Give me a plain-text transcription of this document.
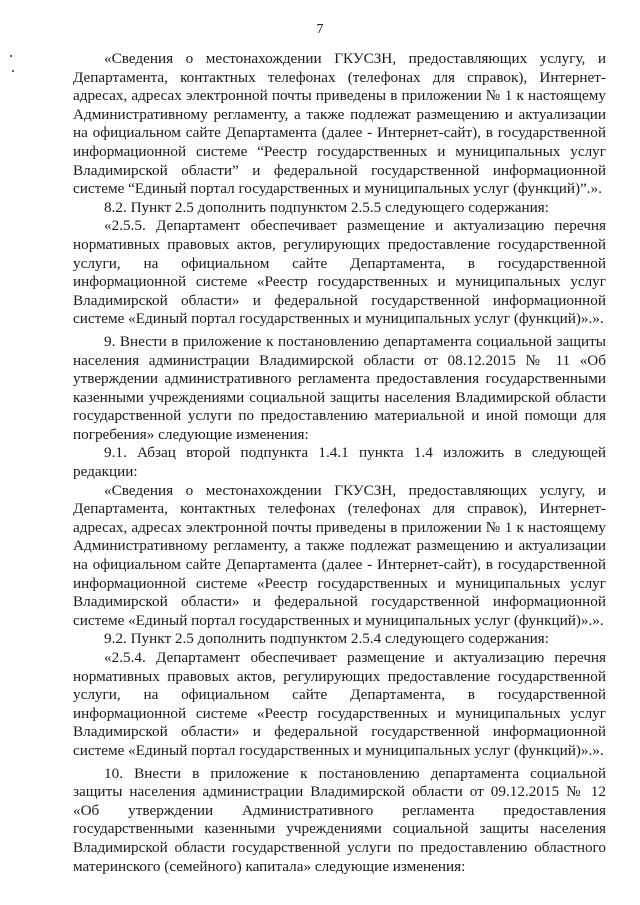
7

«Сведения о местонахождении ГКУСЗН, предоставляющих услугу, и Департамента, контактных телефонах (телефонах для справок), Интернет-адресах, адресах электронной почты приведены в приложении № 1 к настоящему Административному регламенту, а также подлежат размещению и актуализации на официальном сайте Департамента (далее - Интернет-сайт), в государственной информационной системе “Реестр государственных и муниципальных услуг Владимирской области” и федеральной государственной информационной системе “Единый портал государственных и муниципальных услуг (функций)”.».

8.2. Пункт 2.5 дополнить подпунктом 2.5.5 следующего содержания:

«2.5.5. Департамент обеспечивает размещение и актуализацию перечня нормативных правовых актов, регулирующих предоставление государственной услуги, на официальном сайте Департамента, в государственной информационной системе «Реестр государственных и муниципальных услуг Владимирской области» и федеральной государственной информационной системе «Единый портал государственных и муниципальных услуг (функций)».».

9. Внести в приложение к постановлению департамента социальной защиты населения администрации Владимирской области от 08.12.2015 № 11 «Об утверждении административного регламента предоставления государственными казенными учреждениями социальной защиты населения Владимирской области государственной услуги по предоставлению материальной и иной помощи для погребения» следующие изменения:

9.1. Абзац второй подпункта 1.4.1 пункта 1.4 изложить в следующей редакции:

«Сведения о местонахождении ГКУСЗН, предоставляющих услугу, и Департамента, контактных телефонах (телефонах для справок), Интернет-адресах, адресах электронной почты приведены в приложении № 1 к настоящему Административному регламенту, а также подлежат размещению и актуализации на официальном сайте Департамента (далее - Интернет-сайт), в государственной информационной системе «Реестр государственных и муниципальных услуг Владимирской области» и федеральной государственной информационной системе «Единый портал государственных и муниципальных услуг (функций)».».

9.2. Пункт 2.5 дополнить подпунктом 2.5.4 следующего содержания:

«2.5.4. Департамент обеспечивает размещение и актуализацию перечня нормативных правовых актов, регулирующих предоставление государственной услуги, на официальном сайте Департамента, в государственной информационной системе «Реестр государственных и муниципальных услуг Владимирской области» и федеральной государственной информационной системе «Единый портал государственных и муниципальных услуг (функций)».».

10. Внести в приложение к постановлению департамента социальной защиты населения администрации Владимирской области от 09.12.2015 № 12 «Об утверждении Административного регламента предоставления государственными казенными учреждениями социальной защиты населения Владимирской области государственной услуги по предоставлению областного материнского (семейного) капитала» следующие изменения:
